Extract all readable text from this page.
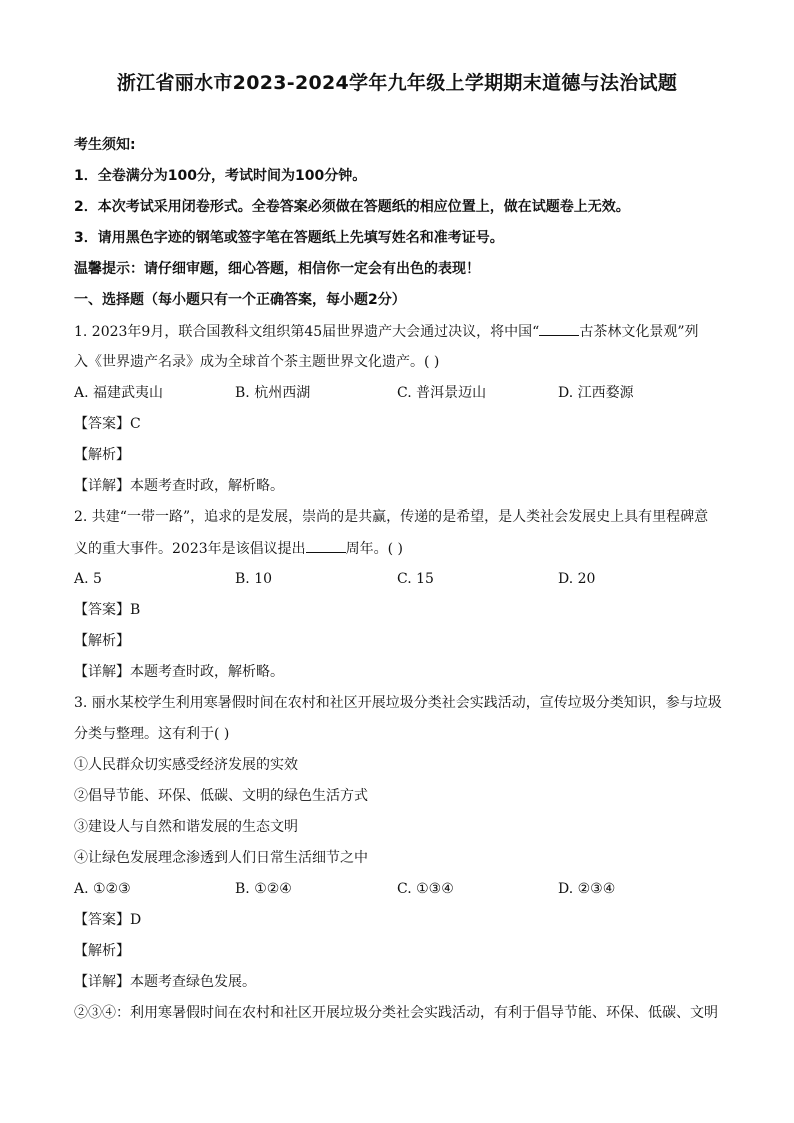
浙江省丽水市2023-2024学年九年级上学期期末道德与法治试题
考生须知:
1．全卷满分为100分，考试时间为100分钟。
2．本次考试采用闭卷形式。全卷答案必须做在答题纸的相应位置上，做在试题卷上无效。
3．请用黑色字迹的钢笔或签字笔在答题纸上先填写姓名和准考证号。
温馨提示：请仔细审题，细心答题，相信你一定会有出色的表现！
一、选择题（每小题只有一个正确答案，每小题2分）
1. 2023年9月，联合国教科文组织第45届世界遗产大会通过决议，将中国“	古茶林文化景观”列
入《世界遗产名录》成为全球首个茶主题世界文化遗产。( )
A. 福建武夷山	B. 杭州西湖	C. 普洱景迈山	D. 江西婺源
【答案】C
【解析】
【详解】本题考查时政，解析略。
2. 共建“一带一路”，追求的是发展，崇尚的是共赢，传递的是希望，是人类社会发展史上具有里程碑意
义的重大事件。2023年是该倡议提出	周年。( )
A. 5	B. 10	C. 15	D. 20
【答案】B
【解析】
【详解】本题考查时政，解析略。
3. 丽水某校学生利用寒暑假时间在农村和社区开展垃圾分类社会实践活动，宣传垃圾分类知识，参与垃圾
分类与整理。这有利于( )
①人民群众切实感受经济发展的实效
②倡导节能、环保、低碳、文明的绿色生活方式
③建设人与自然和谐发展的生态文明
④让绿色发展理念渗透到人们日常生活细节之中
A. ①②③	B. ①②④	C. ①③④	D. ②③④
【答案】D
【解析】
【详解】本题考查绿色发展。
②③④：利用寒暑假时间在农村和社区开展垃圾分类社会实践活动，有利于倡导节能、环保、低碳、文明
